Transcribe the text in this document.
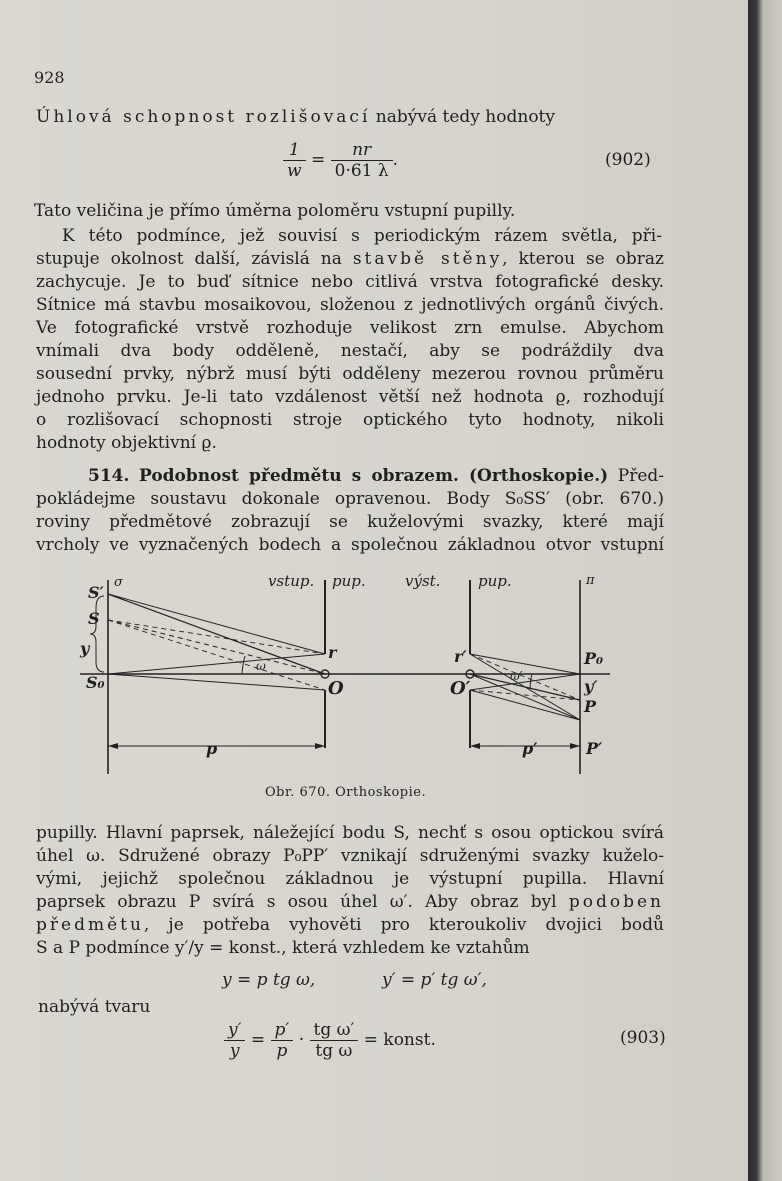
928
Úhlová schopnost rozlišovací nabývá tedy hodnoty
$\frac{1}{w} = \frac{nr}{0\cdot 61 \lambda}$ .	(902)
Tato veličina je přímo úměrna poloměru vstupní pupilly.
K této podmínce, jež souvisí s periodickým rázem světla, při-
stupuje okolnost další, závislá na stavbě stěny, kterou se obraz
zachycuje. Je to buď sítnice nebo citlivá vrstva fotografické desky.
Sítnice má stavbu mosaikovou, složenou z jednotlivých orgánů čivých.
Ve fotografické vrstvě rozhoduje velikost zrn emulse. Abychom
vnímali dva body odděleně, nestačí, aby se podráždily dva
sousední prvky, nýbrž musí býti odděleny mezerou rovnou průměru
jednoho prvku. Je-li tato vzdálenost větší než hodnota ϱ, rozhodují
o rozlišovací schopnosti stroje optického tyto hodnoty, nikoli
hodnoty objektivní ϱ.
514. Podobnost předmětu s obrazem. (Orthoskopie.) Před-
pokládejme soustavu dokonale opravenou. Body S₀SS′ (obr. 670.)
roviny předmětové zobrazují se kuželovými svazky, které mají
vrcholy ve vyznačených bodech a společnou základnou otvor vstupní
σ	vstup. pup.	výst.	pup.	π
S′
S
y
S₀
ω
r
O
r′
O′
ω′
P₀
y′
P
P′
p	p′
Obr. 670. Orthoskopie.
pupilly. Hlavní paprsek, náležející bodu S, nechť s osou optickou svírá
úhel ω. Sdružené obrazy P₀PP′ vznikají sdruženými svazky kuželo-
vými, jejichž společnou základnou je výstupní pupilla. Hlavní
paprsek obrazu P svírá s osou úhel ω′. Aby obraz byl podoben
předmětu, je potřeba vyhověti pro kteroukoliv dvojici bodů
S a P podmínce y′/y = konst., která vzhledem ke vztahům
y = p tg ω,	y′ = p′ tg ω′,
nabývá tvaru
$\frac{y'}{y} = \frac{p'}{p} \cdot \frac{\text{tg ω′}}{\text{tg ω}}$ = konst.	(903)
